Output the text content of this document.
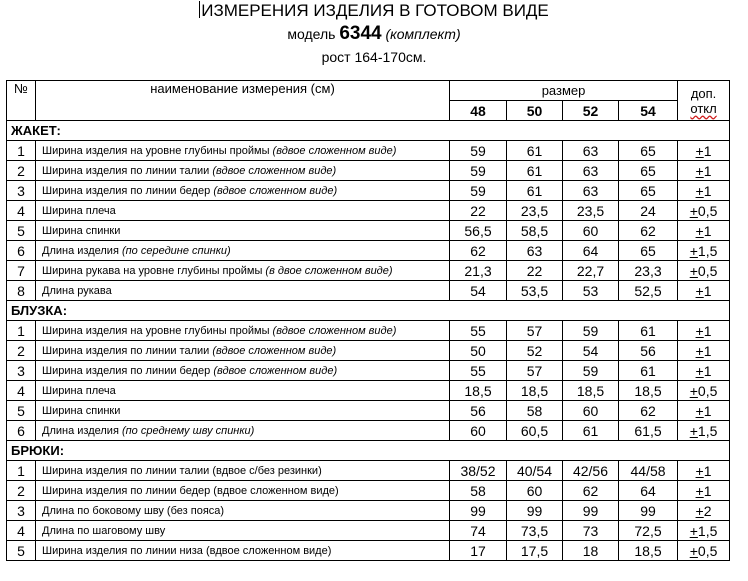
ИЗМЕРЕНИЯ ИЗДЕЛИЯ В ГОТОВОМ ВИДЕ
модель 6344 (комплект)
рост 164-170см.
№	наименование измерения (см)	размер				доп.
откл
		48	50	52	54	
ЖАКЕТ:						
1	Ширина изделия на уровне глубины проймы (вдвое сложенном виде)	59	61	63	65	+1
2	Ширина изделия по линии талии (вдвое сложенном виде)	59	61	63	65	+1
3	Ширина изделия по линии бедер (вдвое сложенном виде)	59	61	63	65	+1
4	Ширина плеча	22	23,5	23,5	24	+0,5
5	Ширина спинки	56,5	58,5	60	62	+1
6	Длина изделия (по середине спинки)	62	63	64	65	+1,5
7	Ширина рукава на уровне глубины проймы (в двое сложенном виде)	21,3	22	22,7	23,3	+0,5
8	Длина рукава	54	53,5	53	52,5	+1
БЛУЗКА:						
1	Ширина изделия на уровне глубины проймы (вдвое сложенном виде)	55	57	59	61	+1
2	Ширина изделия по линии талии (вдвое сложенном виде)	50	52	54	56	+1
3	Ширина изделия по линии бедер (вдвое сложенном виде)	55	57	59	61	+1
4	Ширина плеча	18,5	18,5	18,5	18,5	+0,5
5	Ширина спинки	56	58	60	62	+1
6	Длина изделия (по среднему шву спинки)	60	60,5	61	61,5	+1,5
БРЮКИ:						
1	Ширина изделия по линии талии (вдвое с/без резинки)	38/52	40/54	42/56	44/58	+1
2	Ширина изделия по линии бедер (вдвое сложенном виде)	58	60	62	64	+1
3	Длина по боковому шву (без пояса)	99	99	99	99	+2
4	Длина по шаговому шву	74	73,5	73	72,5	+1,5
5	Ширина изделия по линии низа (вдвое сложенном виде)	17	17,5	18	18,5	+0,5
